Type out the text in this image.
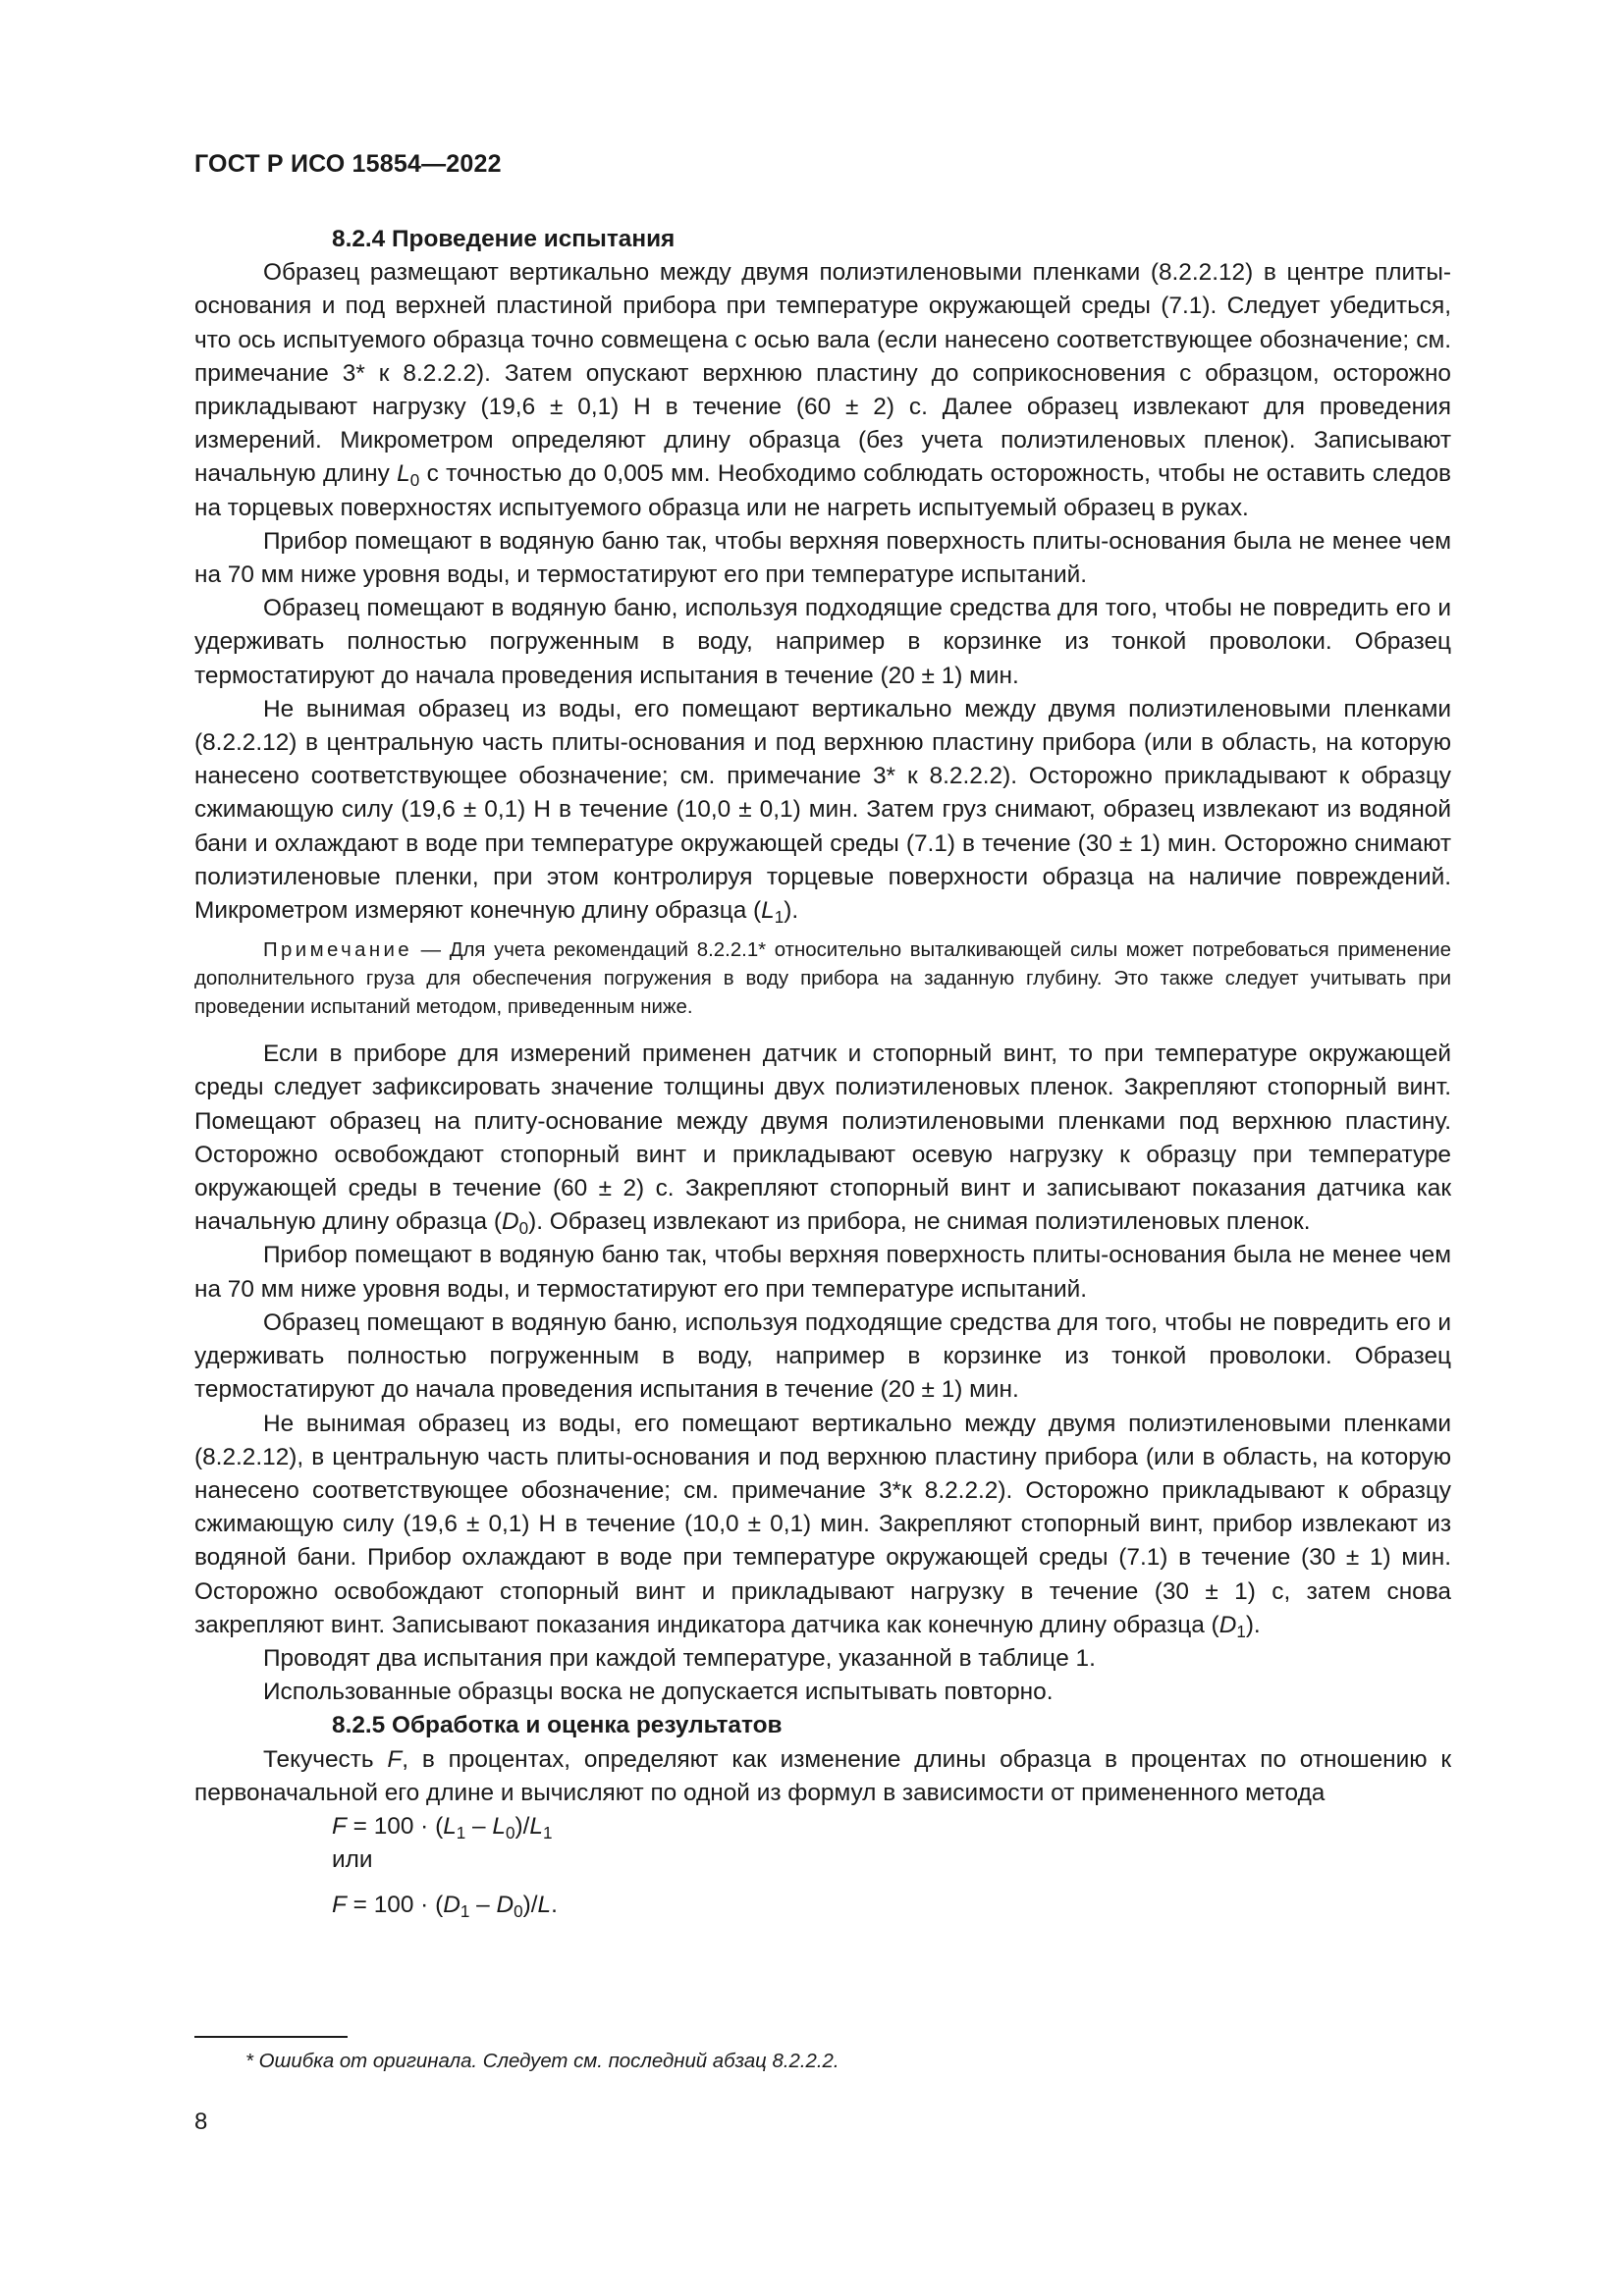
ГОСТ Р ИСО 15854—2022

8.2.4 Проведение испытания

Образец размещают вертикально между двумя полиэтиленовыми пленками (8.2.2.12) в центре плиты-основания и под верхней пластиной прибора при температуре окружающей среды (7.1). Следует убедиться, что ось испытуемого образца точно совмещена с осью вала (если нанесено соответствующее обозначение; см. примечание 3* к 8.2.2.2). Затем опускают верхнюю пластину до соприкосновения с образцом, осторожно прикладывают нагрузку (19,6 ± 0,1) Н в течение (60 ± 2) с. Далее образец извлекают для проведения измерений. Микрометром определяют длину образца (без учета полиэтиленовых пленок). Записывают начальную длину $L_0$ с точностью до 0,005 мм. Необходимо соблюдать осторожность, чтобы не оставить следов на торцевых поверхностях испытуемого образца или не нагреть испытуемый образец в руках.

Прибор помещают в водяную баню так, чтобы верхняя поверхность плиты-основания была не менее чем на 70 мм ниже уровня воды, и термостатируют его при температуре испытаний.

Образец помещают в водяную баню, используя подходящие средства для того, чтобы не повредить его и удерживать полностью погруженным в воду, например в корзинке из тонкой проволоки. Образец термостатируют до начала проведения испытания в течение (20 ± 1) мин.

Не вынимая образец из воды, его помещают вертикально между двумя полиэтиленовыми пленками (8.2.2.12) в центральную часть плиты-основания и под верхнюю пластину прибора (или в область, на которую нанесено соответствующее обозначение; см. примечание 3* к 8.2.2.2). Осторожно прикладывают к образцу сжимающую силу (19,6 ± 0,1) Н в течение (10,0 ± 0,1) мин. Затем груз снимают, образец извлекают из водяной бани и охлаждают в воде при температуре окружающей среды (7.1) в течение (30 ± 1) мин. Осторожно снимают полиэтиленовые пленки, при этом контролируя торцевые поверхности образца на наличие повреждений. Микрометром измеряют конечную длину образца $(L_1)$.

Примечание — Для учета рекомендаций 8.2.2.1* относительно выталкивающей силы может потребоваться применение дополнительного груза для обеспечения погружения в воду прибора на заданную глубину. Это также следует учитывать при проведении испытаний методом, приведенным ниже.

Если в приборе для измерений применен датчик и стопорный винт, то при температуре окружающей среды следует зафиксировать значение толщины двух полиэтиленовых пленок. Закрепляют стопорный винт. Помещают образец на плиту-основание между двумя полиэтиленовыми пленками под верхнюю пластину. Осторожно освобождают стопорный винт и прикладывают осевую нагрузку к образцу при температуре окружающей среды в течение (60 ± 2) с. Закрепляют стопорный винт и записывают показания датчика как начальную длину образца $(D_0)$. Образец извлекают из прибора, не снимая полиэтиленовых пленок.

Прибор помещают в водяную баню так, чтобы верхняя поверхность плиты-основания была не менее чем на 70 мм ниже уровня воды, и термостатируют его при температуре испытаний.

Образец помещают в водяную баню, используя подходящие средства для того, чтобы не повредить его и удерживать полностью погруженным в воду, например в корзинке из тонкой проволоки. Образец термостатируют до начала проведения испытания в течение (20 ± 1) мин.

Не вынимая образец из воды, его помещают вертикально между двумя полиэтиленовыми пленками (8.2.2.12), в центральную часть плиты-основания и под верхнюю пластину прибора (или в область, на которую нанесено соответствующее обозначение; см. примечание 3*к 8.2.2.2). Осторожно прикладывают к образцу сжимающую силу (19,6 ± 0,1) Н в течение (10,0 ± 0,1) мин. Закрепляют стопорный винт, прибор извлекают из водяной бани. Прибор охлаждают в воде при температуре окружающей среды (7.1) в течение (30 ± 1) мин. Осторожно освобождают стопорный винт и прикладывают нагрузку в течение (30 ± 1) с, затем снова закрепляют винт. Записывают показания индикатора датчика как конечную длину образца $(D_1)$.

Проводят два испытания при каждой температуре, указанной в таблице 1.

Использованные образцы воска не допускается испытывать повторно.

8.2.5 Обработка и оценка результатов

Текучесть F, в процентах, определяют как изменение длины образца в процентах по отношению к первоначальной его длине и вычисляют по одной из формул в зависимости от примененного метода

$F = 100 \cdot (L_1 - L_0)/L_1$

или

$F = 100 \cdot (D_1 - D_0)/L$.

* Ошибка от оригинала. Следует см. последний абзац 8.2.2.2.
8
